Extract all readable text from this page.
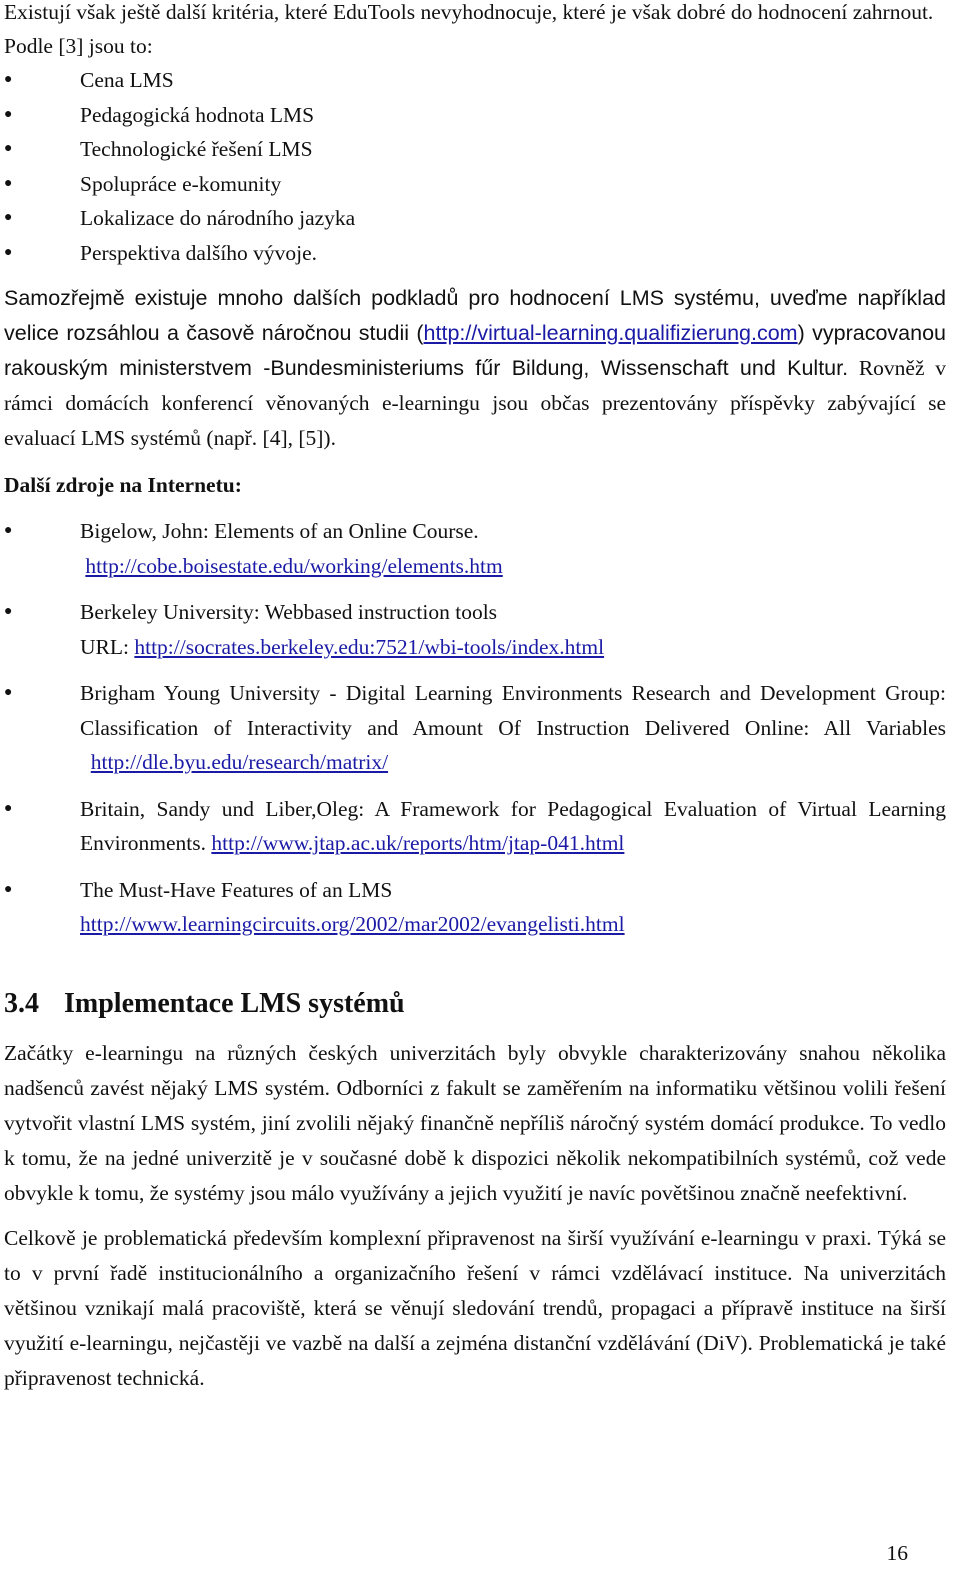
Existují však ještě další kritéria, které EduTools nevyhodnocuje, které je však dobré do hodnocení zahrnout. Podle [3] jsou to:

●	Cena LMS
●	Pedagogická hodnota LMS
●	Technologické řešení LMS
●	Spolupráce e-komunity
●	Lokalizace do národního jazyka
●	Perspektiva dalšího vývoje.

Samozřejmě existuje mnoho dalších podkladů pro hodnocení LMS systému, uveďme například velice rozsáhlou a časově náročnou studii (http://virtual-learning.qualifizierung.com) vypracovanou rakouským ministerstvem -Bundesministeriums fűr Bildung, Wissenschaft und Kultur. Rovněž v rámci domácích konferencí věnovaných e-learningu jsou občas prezentovány příspěvky zabývající se evaluací LMS systémů (např. [4], [5]).

Další zdroje na Internetu:
●	Bigelow, John: Elements of an Online Course.
http://cobe.boisestate.edu/working/elements.htm
●	Berkeley University: Webbased instruction tools
URL: http://socrates.berkeley.edu:7521/wbi-tools/index.html
●	Brigham Young University - Digital Learning Environments Research and Development Group: Classification of Interactivity and Amount Of Instruction Delivered Online: All Variables  http://dle.byu.edu/research/matrix/
●	Britain, Sandy und Liber,Oleg: A Framework for Pedagogical Evaluation of Virtual Learning Environments. http://www.jtap.ac.uk/reports/htm/jtap-041.html
●	The Must-Have Features of an LMS
http://www.learningcircuits.org/2002/mar2002/evangelisti.html
3.4 Implementace LMS systémů

Začátky e-learningu na různých českých univerzitách byly obvykle charakterizovány snahou několika nadšenců zavést nějaký LMS systém. Odborníci z fakult se zaměřením na informatiku většinou volili řešení vytvořit vlastní LMS systém, jiní zvolili nějaký finančně nepříliš náročný systém domácí produkce. To vedlo k tomu, že na jedné univerzitě je v současné době k dispozici několik nekompatibilních systémů, což vede obvykle k tomu, že systémy jsou málo využívány a jejich využití je navíc povětšinou značně neefektivní.

Celkově je problematická především komplexní připravenost na širší využívání e-learningu v praxi. Týká se to v první řadě institucionálního a organizačního řešení v rámci vzdělávací instituce. Na univerzitách většinou vznikají malá pracoviště, která se věnují sledování trendů, propagaci a přípravě instituce na širší využití e-learningu, nejčastěji ve vazbě na další a zejména distanční vzdělávání (DiV). Problematická je také připravenost technická.

16
